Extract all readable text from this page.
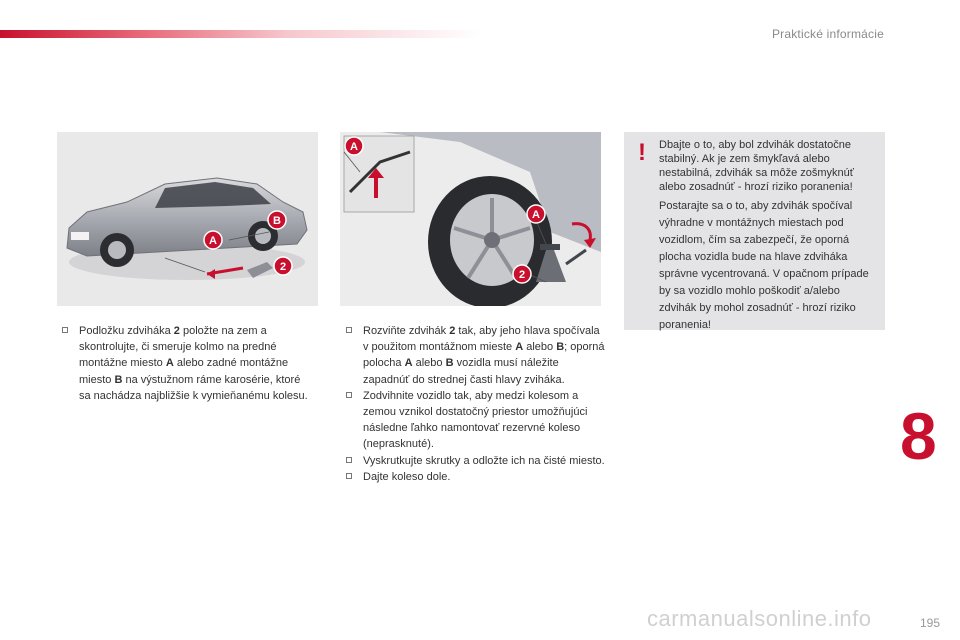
Praktické informácie
A
B
2
A
A
2
!	Dbajte o to, aby bol zdvihák dostatočne stabilný. Ak je zem šmykľavá alebo nestabilná, zdvihák sa môže zošmyknúť alebo zosadnúť - hrozí riziko poranenia!

Postarajte sa o to, aby zdvihák spočíval výhradne v montážnych miestach pod vozidlom, čím sa zabezpečí, že oporná plocha vozidla bude na hlave zdviháka správne vycentrovaná. V opačnom prípade by sa vozidlo mohlo poškodiť a/alebo zdvihák by mohol zosadnúť - hrozí riziko poranenia!

Podložku zdviháka 2 položte na zem a skontrolujte, či smeruje kolmo na predné montážne miesto A alebo zadné montážne miesto B na výstužnom ráme karosérie, ktoré sa nachádza najbližšie k vymieňanému kolesu.

Rozviňte zdvihák 2 tak, aby jeho hlava spočívala v použitom montážnom mieste A alebo B; oporná polocha A alebo B vozidla musí náležite zapadnúť do strednej časti hlavy zviháka.

Zodvihnite vozidlo tak, aby medzi kolesom a zemou vznikol dostatočný priestor umožňujúci následne ľahko namontovať rezervné koleso (neprasknuté).

Vyskrutkujte skrutky a odložte ich na čisté miesto.

Dajte koleso dole.

8
carmanualsonline.info	195
